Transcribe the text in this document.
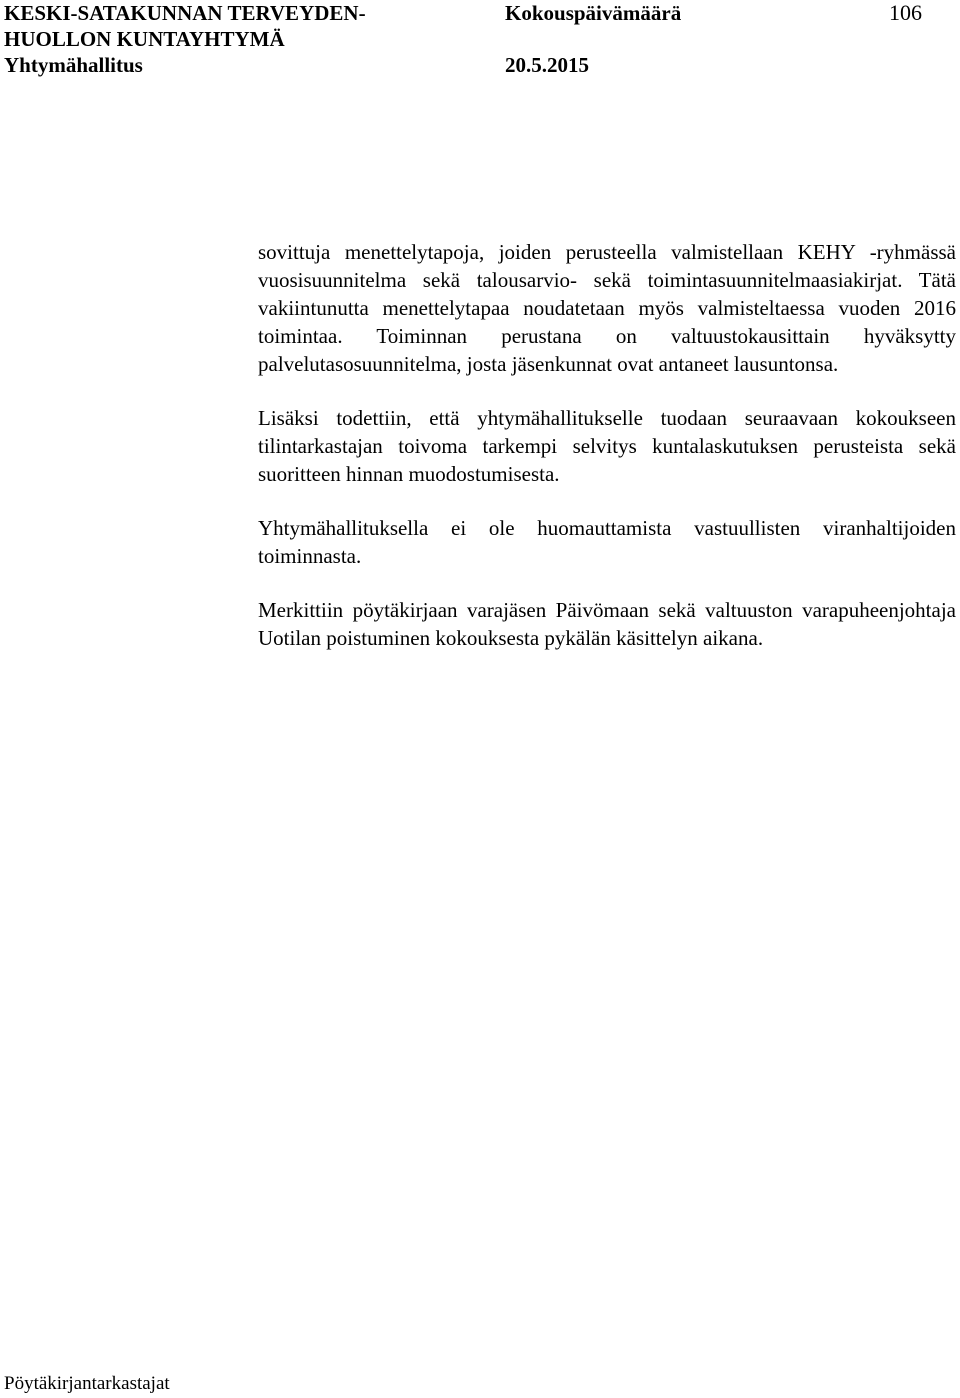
KESKI-SATAKUNNAN TERVEYDEN-
HUOLLON KUNTAYHTYMÄ
Yhtymähallitus
Kokouspäivämäärä
20.5.2015
106

sovittuja menettelytapoja, joiden perusteella valmistellaan KEHY -ryhmässä vuosisuunnitelma sekä talousarvio- sekä toimintasuunnitelmaasiakirjat. Tätä vakiintunutta menettelytapaa noudatetaan myös valmisteltaessa vuoden 2016 toimintaa. Toiminnan perustana on valtuustokausittain hyväksytty palvelutasosuunnitelma, josta jäsenkunnat ovat antaneet lausuntonsa.

Lisäksi todettiin, että yhtymähallitukselle tuodaan seuraavaan kokoukseen tilintarkastajan toivoma tarkempi selvitys kuntalaskutuksen perusteista sekä suoritteen hinnan muodostumisesta.

Yhtymähallituksella ei ole huomauttamista vastuullisten viranhaltijoiden toiminnasta.

Merkittiin pöytäkirjaan varajäsen Päivömaan sekä valtuuston varapuheenjohtaja Uotilan poistuminen kokouksesta pykälän käsittelyn aikana.

Pöytäkirjantarkastajat
